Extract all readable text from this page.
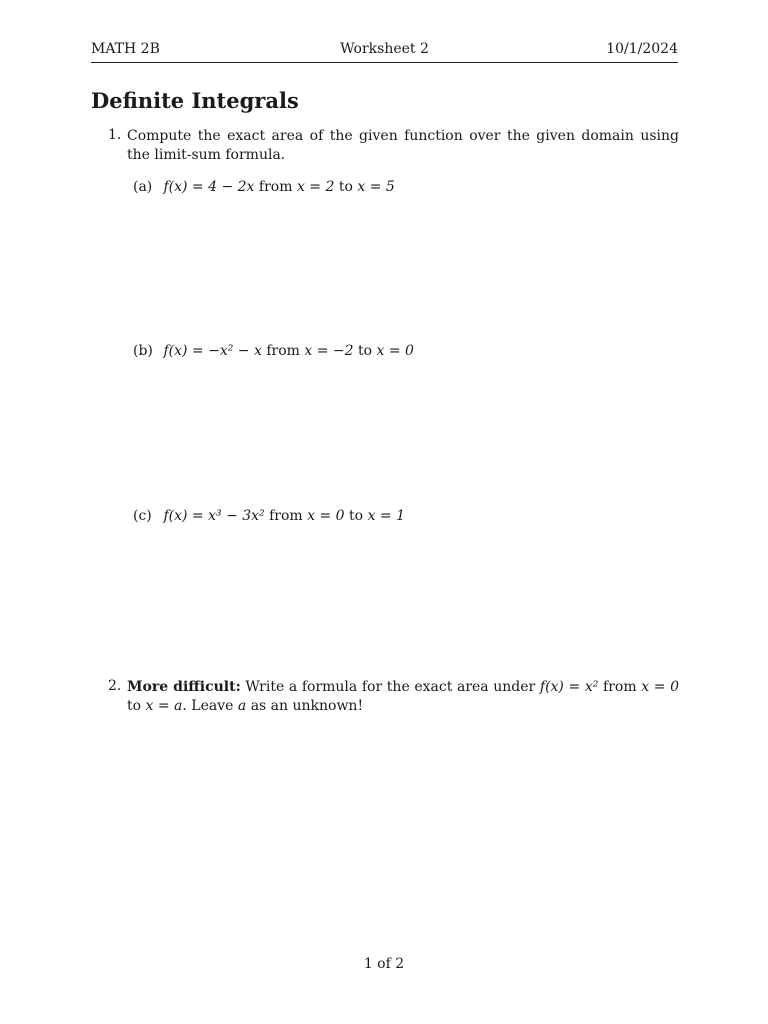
MATH 2B	Worksheet 2	10/1/2024
Definite Integrals
1. Compute the exact area of the given function over the given domain using the limit-sum formula.
(a) f(x) = 4 − 2x from x = 2 to x = 5
(b) f(x) = −x² − x from x = −2 to x = 0
(c) f(x) = x³ − 3x² from x = 0 to x = 1
2. More difficult: Write a formula for the exact area under f(x) = x² from x = 0 to x = a. Leave a as an unknown!
1 of 2
